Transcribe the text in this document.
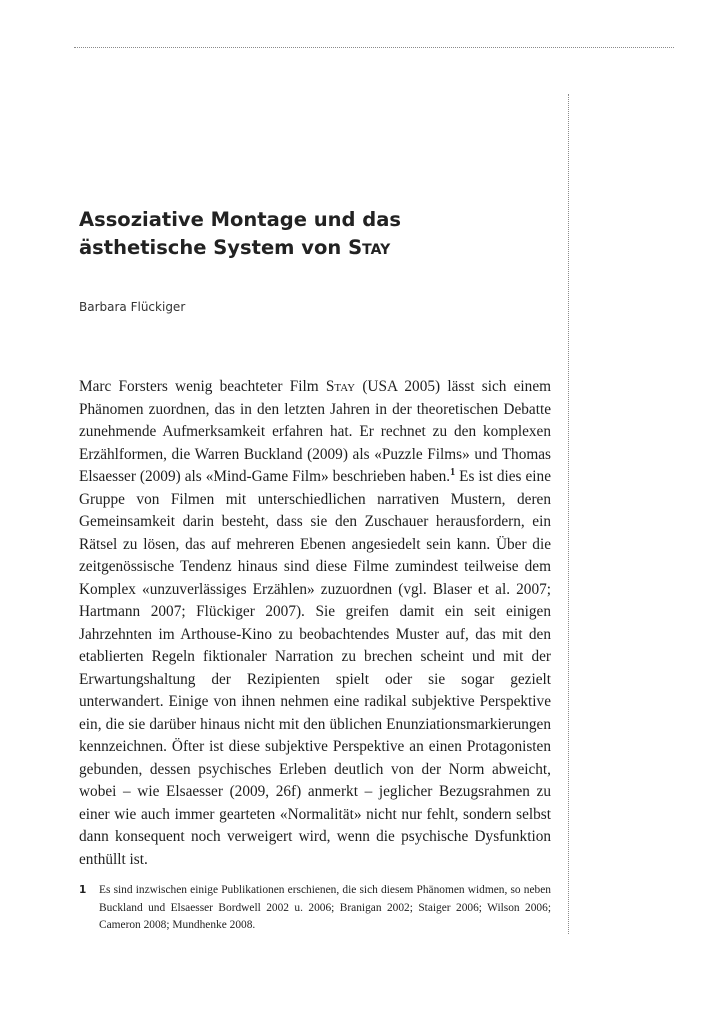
Assoziative Montage und das
ästhetische System von Stay

Barbara Flückiger

Marc Forsters wenig beachteter Film Stay (USA 2005) lässt sich einem Phänomen zuordnen, das in den letzten Jahren in der theoretischen Debatte zunehmende Aufmerksamkeit erfahren hat. Er rechnet zu den komplexen Erzählformen, die Warren Buckland (2009) als «Puzzle Films» und Thomas Elsaesser (2009) als «Mind-Game Film» beschrieben haben.$^1$ Es ist dies eine Gruppe von Filmen mit unterschiedlichen narrativen Mustern, deren Gemeinsamkeit darin besteht, dass sie den Zuschauer herausfordern, ein Rätsel zu lösen, das auf mehreren Ebenen angesiedelt sein kann. Über die zeitgenössische Tendenz hinaus sind diese Filme zumindest teilweise dem Komplex «unzuverlässiges Erzählen» zuzuordnen (vgl. Blaser et al. 2007; Hartmann 2007; Flückiger 2007). Sie greifen damit ein seit einigen Jahrzehnten im Arthouse-Kino zu beobachtendes Muster auf, das mit den etablierten Regeln fiktionaler Narration zu brechen scheint und mit der Erwartungshaltung der Rezipienten spielt oder sie sogar gezielt unterwandert. Einige von ihnen nehmen eine radikal subjektive Perspektive ein, die sie darüber hinaus nicht mit den üblichen Enunziationsmarkierungen kennzeichnen. Öfter ist diese subjektive Perspektive an einen Protagonisten gebunden, dessen psychisches Erleben deutlich von der Norm abweicht, wobei – wie Elsaesser (2009, 26f) anmerkt – jeglicher Bezugsrahmen zu einer wie auch immer gearteten «Normalität» nicht nur fehlt, sondern selbst dann konsequent noch verweigert wird, wenn die psychische Dysfunktion enthüllt ist.

1	Es sind inzwischen einige Publikationen erschienen, die sich diesem Phänomen widmen, so neben Buckland und Elsaesser Bordwell 2002 u. 2006; Branigan 2002; Staiger 2006; Wilson 2006; Cameron 2008; Mundhenke 2008.
